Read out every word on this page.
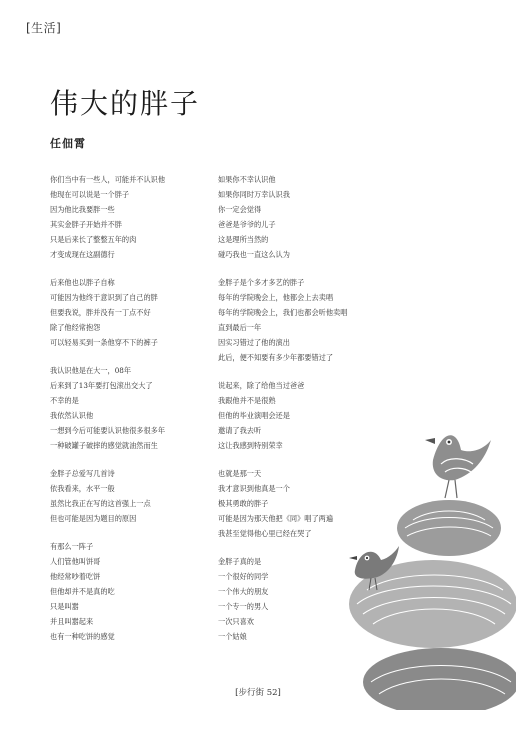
[生活]
伟大的胖子
任佃霄
你们当中有一些人，可能并不认识他
他现在可以说是一个胖子
因为他比我要胖一些
其实金胖子开始并不胖
只是后来长了整整五年的肉
才变成现在这副德行
后来他也以胖子自称
可能因为他终于意识到了自己的胖
但要我说，胖并没有一丁点不好
除了他经常抱怨
可以轻易买到一条他穿不下的裤子
我认识他是在大一，08年
后来到了13年要打包滚出交大了
不幸的是
我依然认识他
一想到今后可能要认识他很多很多年
一种破罐子破摔的感觉就油然而生
金胖子总爱写几首诗
依我看来，水平一般
虽然比我正在写的这首强上一点
但也可能是因为题目的原因
有那么一阵子
人们管他叫饼哥
他经常吵着吃饼
但他却并不是真的吃
只是叫嚣
并且叫嚣起来
也有一种吃饼的感觉
如果你不幸认识他
如果你同时万幸认识我
你一定会觉得
爸爸是爷爷的儿子
这是理所当然的
碰巧我也一直这么认为
金胖子是个多才多艺的胖子
每年的学院晚会上，他都会上去卖唱
每年的学院晚会上，我们也都会听他卖唱
直到最后一年
因实习错过了他的演出
此后，便不知要有多少年都要错过了
说起来，除了给他当过爸爸
我跟他并不是很熟
但他的毕业演唱会还是
邀请了我去听
这让我感到特别荣幸
也就是那一天
我才意识到他真是一个
极其勇敢的胖子
可能是因为那天他把《同》唱了两遍
我甚至觉得他心里已经在哭了
金胖子真的是
一个很好的同学
一个伟大的朋友
一个专一的男人
一次只喜欢
一个姑娘
[步行街 52]
